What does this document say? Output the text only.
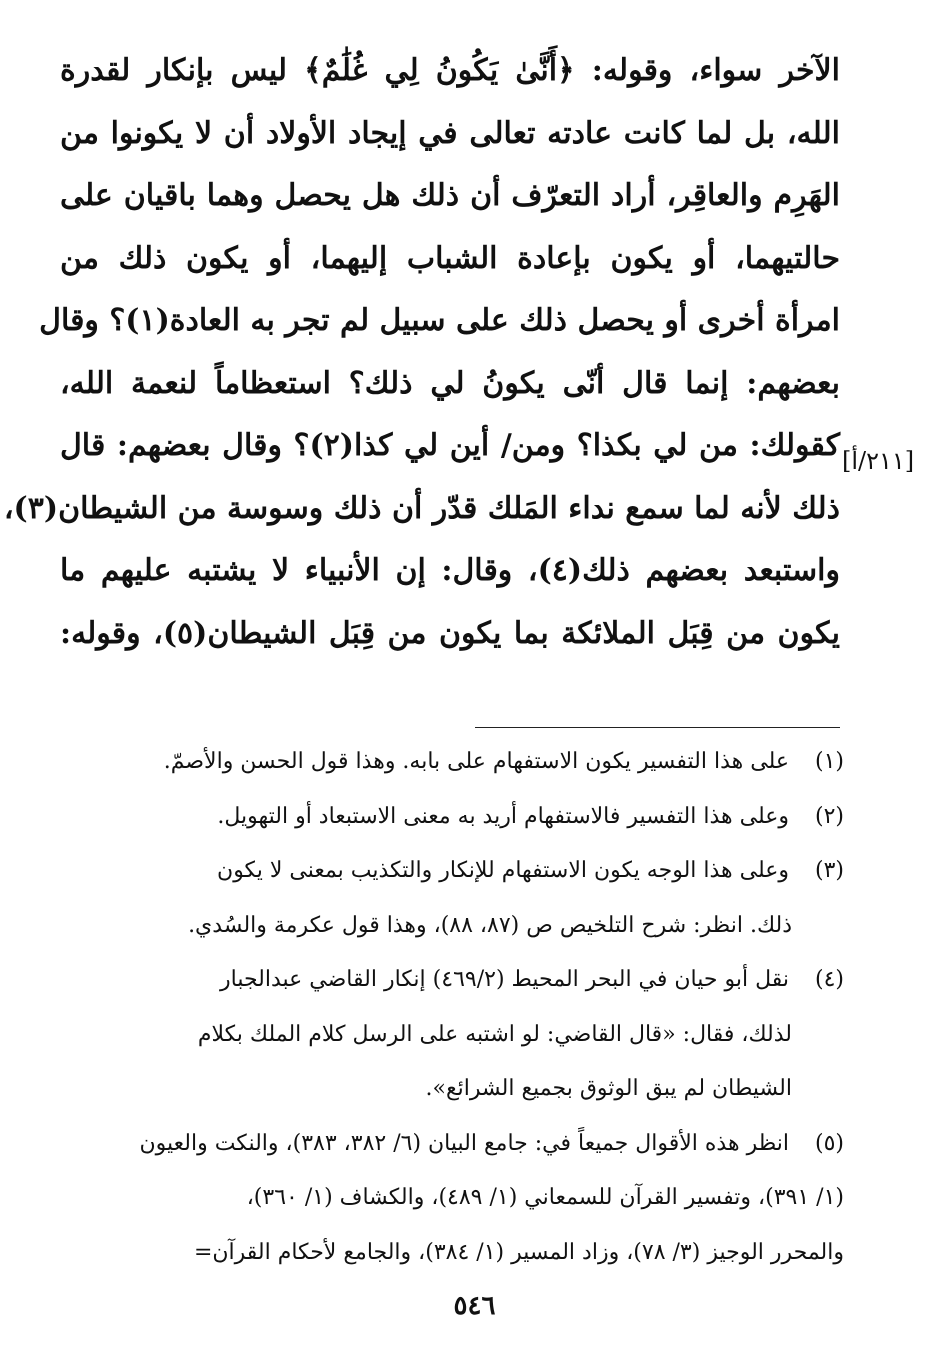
الآخر سواء، وقوله: ﴿أَنَّىٰ يَكُونُ لِي غُلَٰمٌ﴾ ليس بإنكار لقدرة
الله، بل لما كانت عادته تعالى في إيجاد الأولاد أن لا يكونوا من
الهَرِم والعاقِر، أراد التعرّف أن ذلك هل يحصل وهما باقيان على
حالتيهما، أو يكون بإعادة الشباب إليهما، أو يكون ذلك من
امرأة أخرى أو يحصل ذلك على سبيل لم تجر به العادة(١)؟ وقال
بعضهم: إنما قال أنّى يكونُ لي ذلك؟ استعظاماً لنعمة الله،
كقولك: من لي بكذا؟ ومن/ أين لي كذا(٢)؟ وقال بعضهم: قال
ذلك لأنه لما سمع نداء المَلك قدّر أن ذلك وسوسة من الشيطان(٣)،
واستبعد بعضهم ذلك(٤)، وقال: إن الأنبياء لا يشتبه عليهم ما
يكون من قِبَل الملائكة بما يكون من قِبَل الشيطان(٥)، وقوله:
[٢١١/أ]
(١) على هذا التفسير يكون الاستفهام على بابه. وهذا قول الحسن والأصمّ.
(٢) وعلى هذا التفسير فالاستفهام أريد به معنى الاستبعاد أو التهويل.
(٣) وعلى هذا الوجه يكون الاستفهام للإنكار والتكذيب بمعنى لا يكون
ذلك. انظر: شرح التلخيص ص (٨٧، ٨٨)، وهذا قول عكرمة والسُدي.
(٤) نقل أبو حيان في البحر المحيط (٤٦٩/٢) إنكار القاضي عبدالجبار
لذلك، فقال: «قال القاضي: لو اشتبه على الرسل كلام الملك بكلام
الشيطان لم يبق الوثوق بجميع الشرائع».
(٥) انظر هذه الأقوال جميعاً في: جامع البيان (٦/ ٣٨٢، ٣٨٣)، والنكت والعيون
(١/ ٣٩١)، وتفسير القرآن للسمعاني (١/ ٤٨٩)، والكشاف (١/ ٣٦٠)،
والمحرر الوجيز (٣/ ٧٨)، وزاد المسير (١/ ٣٨٤)، والجامع لأحكام القرآن=
٥٤٦
